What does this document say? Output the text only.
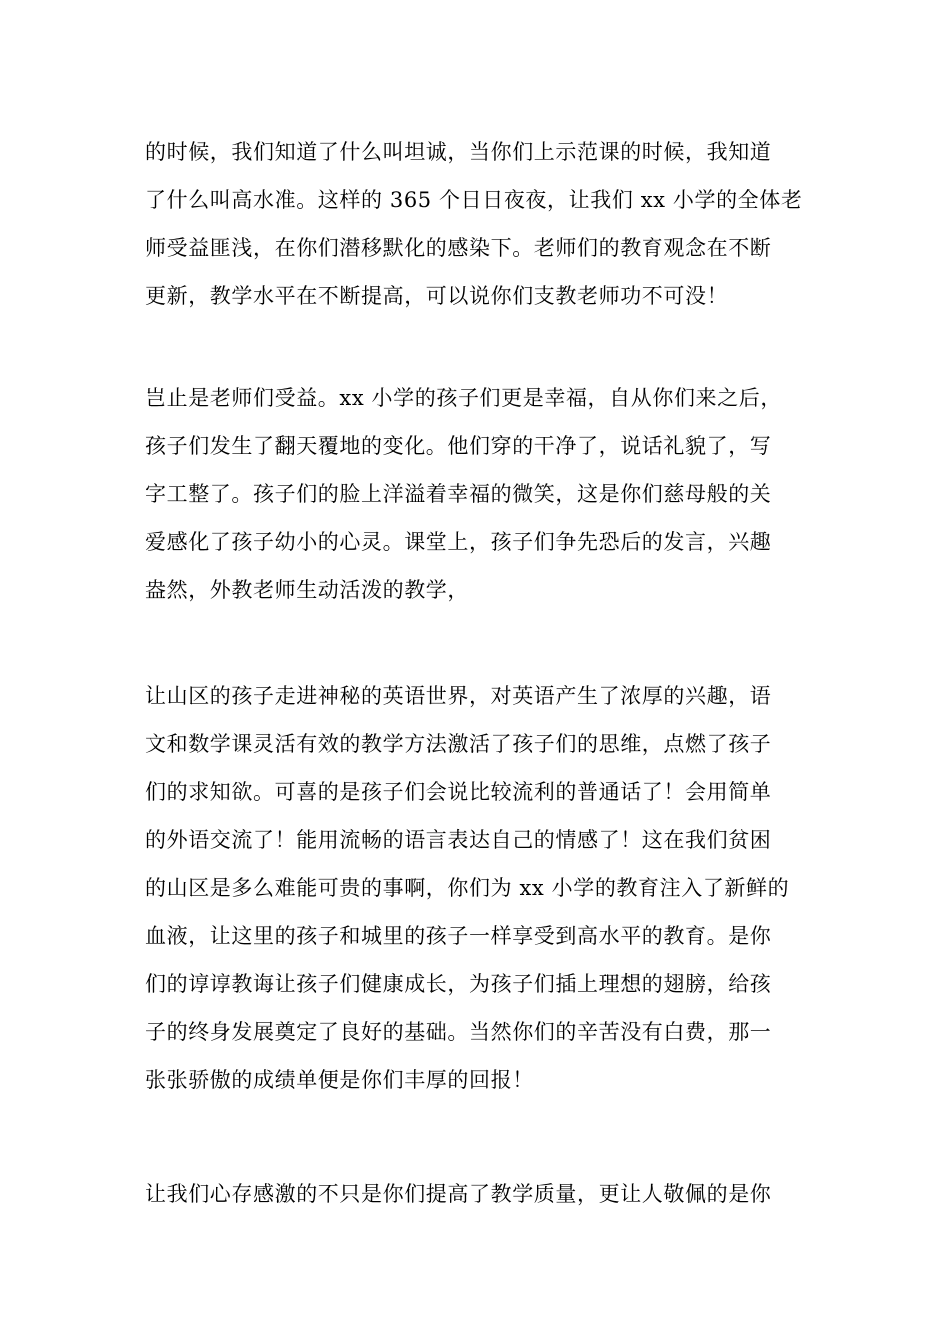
的时候，我们知道了什么叫坦诚，当你们上示范课的时候，我知道
了什么叫高水准。这样的 365 个日日夜夜，让我们 xx 小学的全体老
师受益匪浅，在你们潜移默化的感染下。老师们的教育观念在不断
更新，教学水平在不断提高，可以说你们支教老师功不可没！
岂止是老师们受益。xx 小学的孩子们更是幸福，自从你们来之后，
孩子们发生了翻天覆地的变化。他们穿的干净了，说话礼貌了，写
字工整了。孩子们的脸上洋溢着幸福的微笑，这是你们慈母般的关
爱感化了孩子幼小的心灵。课堂上，孩子们争先恐后的发言，兴趣
盎然，外教老师生动活泼的教学，
让山区的孩子走进神秘的英语世界，对英语产生了浓厚的兴趣，语
文和数学课灵活有效的教学方法激活了孩子们的思维，点燃了孩子
们的求知欲。可喜的是孩子们会说比较流利的普通话了！会用简单
的外语交流了！能用流畅的语言表达自己的情感了！这在我们贫困
的山区是多么难能可贵的事啊，你们为 xx 小学的教育注入了新鲜的
血液，让这里的孩子和城里的孩子一样享受到高水平的教育。是你
们的谆谆教诲让孩子们健康成长，为孩子们插上理想的翅膀，给孩
子的终身发展奠定了良好的基础。当然你们的辛苦没有白费，那一
张张骄傲的成绩单便是你们丰厚的回报！
让我们心存感激的不只是你们提高了教学质量，更让人敬佩的是你
